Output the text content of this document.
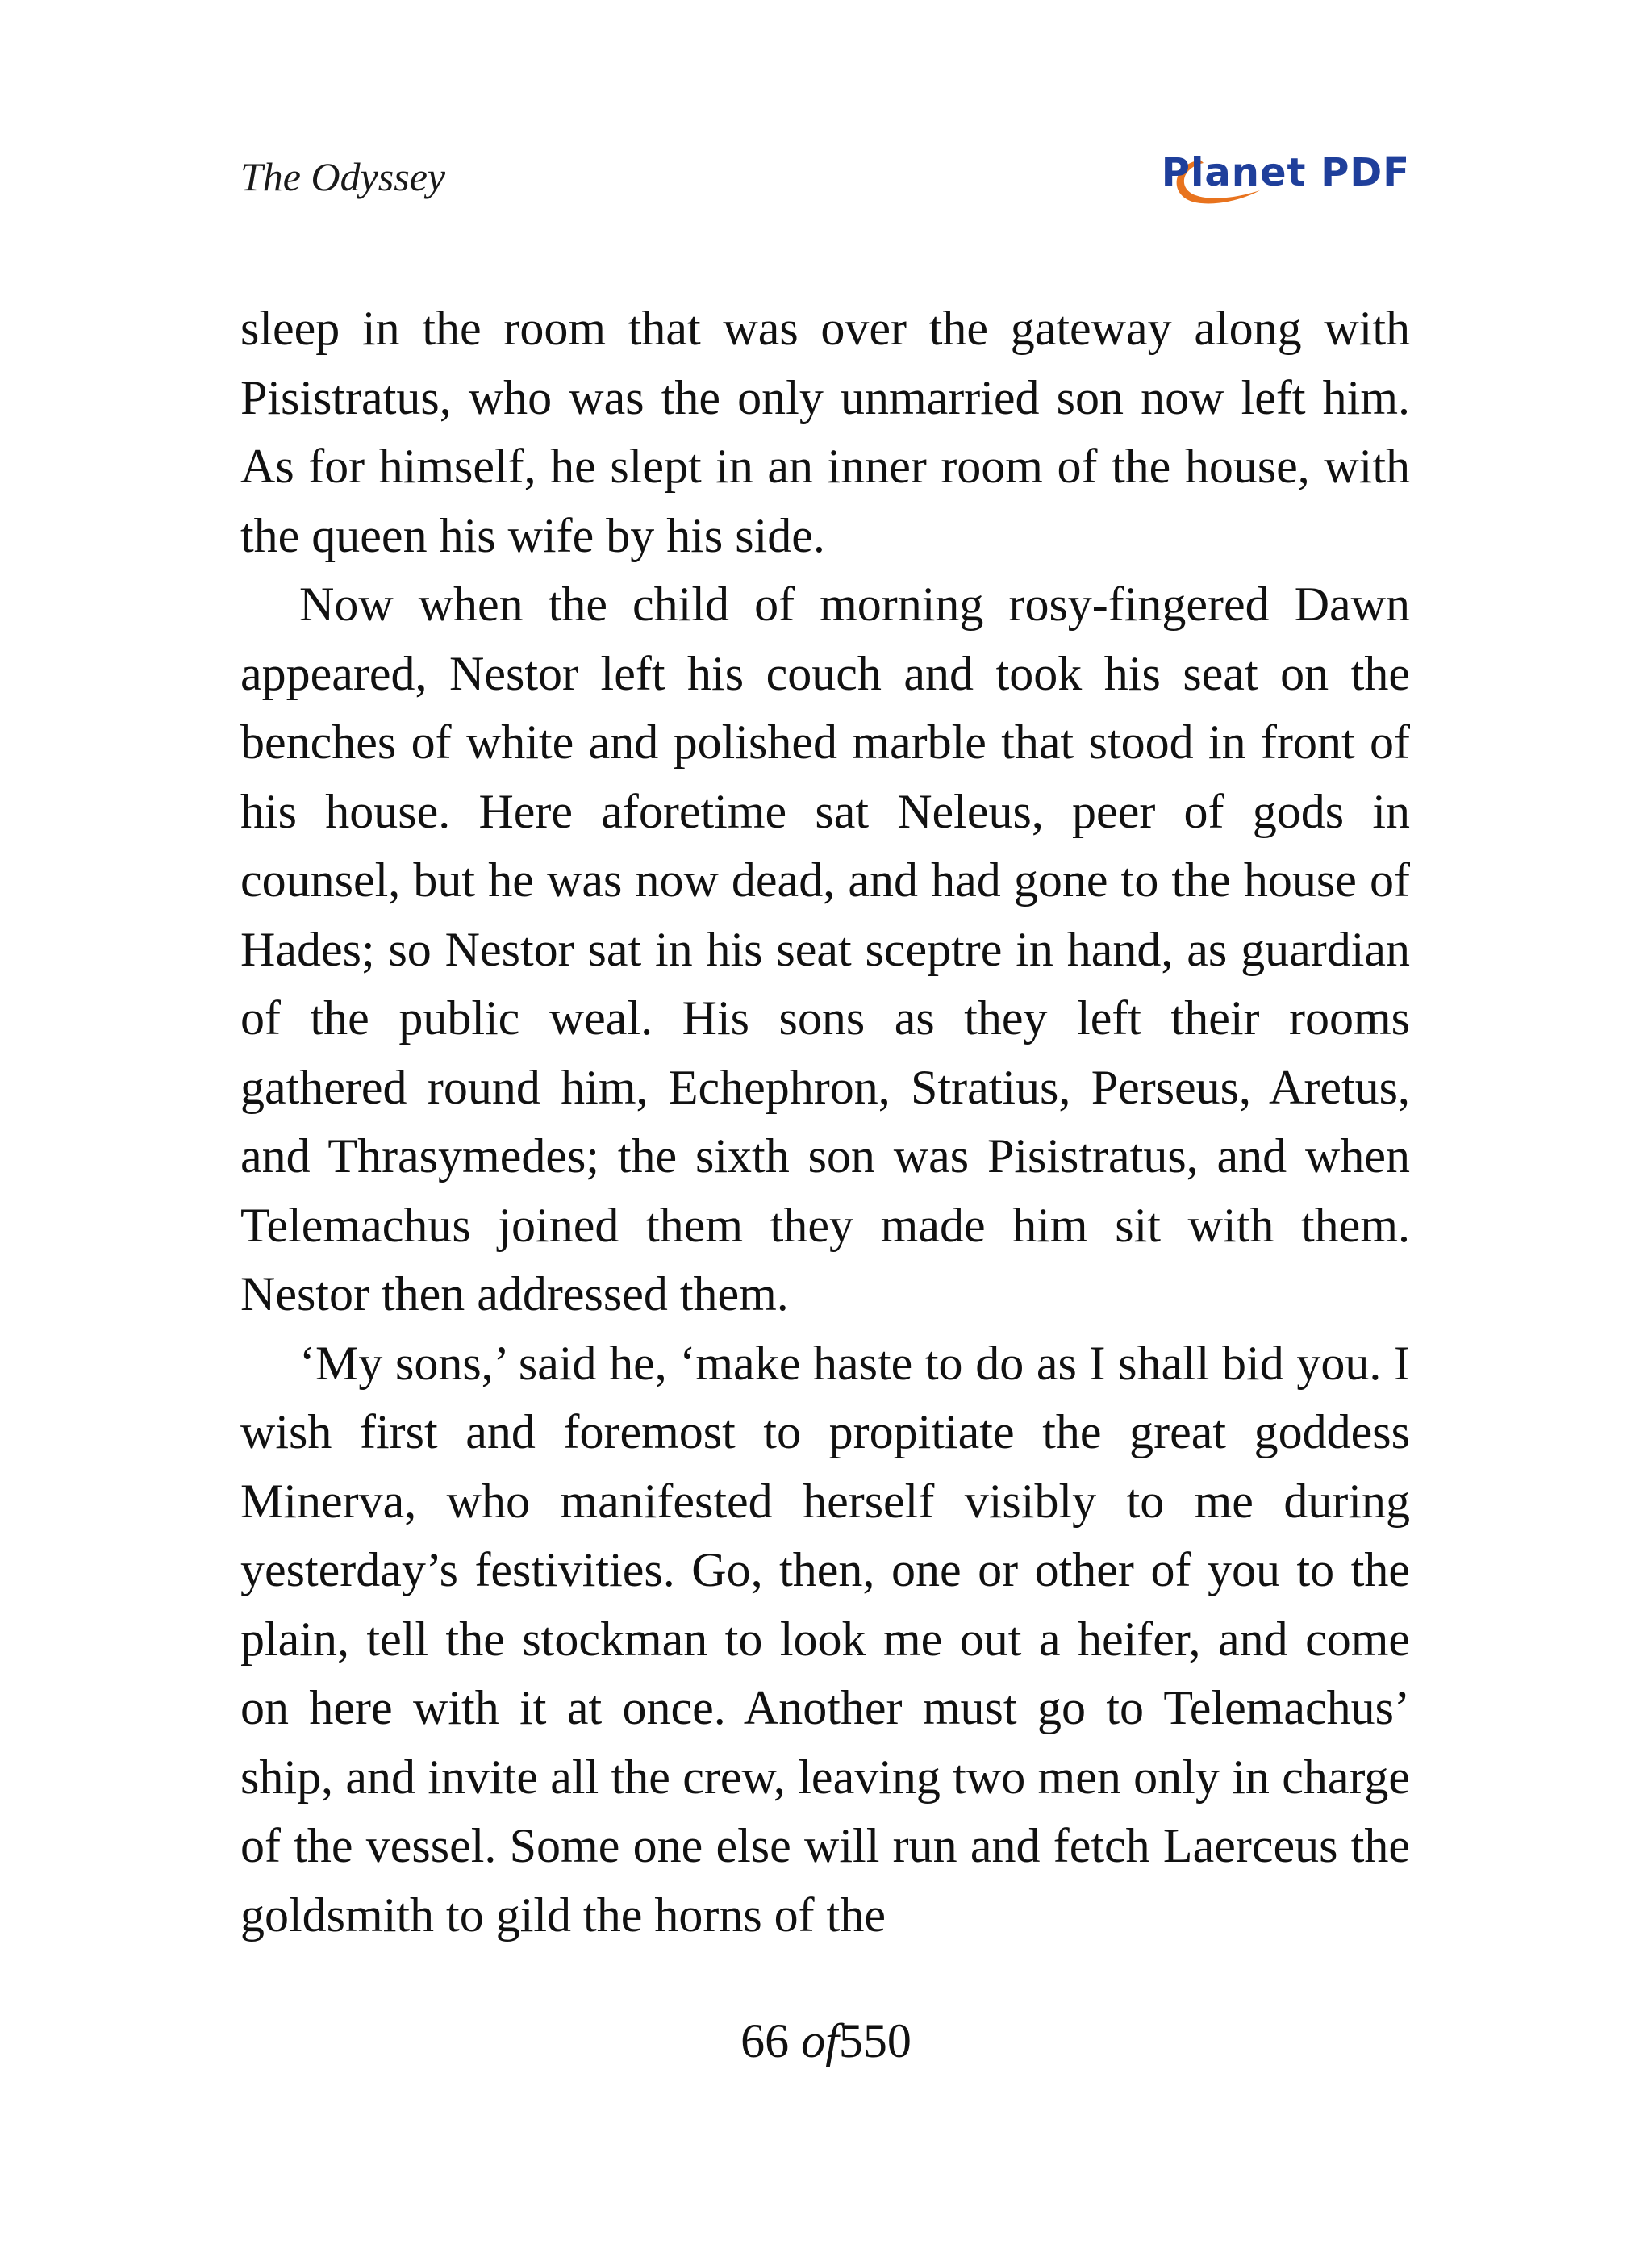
The Odyssey	Planet PDF

sleep in the room that was over the gateway along with Pisistratus, who was the only unmarried son now left him. As for himself, he slept in an inner room of the house, with the queen his wife by his side.

Now when the child of morning rosy-fingered Dawn appeared, Nestor left his couch and took his seat on the benches of white and polished marble that stood in front of his house. Here aforetime sat Neleus, peer of gods in counsel, but he was now dead, and had gone to the house of Hades; so Nestor sat in his seat sceptre in hand, as guardian of the public weal. His sons as they left their rooms gathered round him, Echephron, Stratius, Perseus, Aretus, and Thrasymedes; the sixth son was Pisistratus, and when Telemachus joined them they made him sit with them. Nestor then addressed them.

‘My sons,’ said he, ‘make haste to do as I shall bid you. I wish first and foremost to propitiate the great goddess Minerva, who manifested herself visibly to me during yesterday’s festivities. Go, then, one or other of you to the plain, tell the stockman to look me out a heifer, and come on here with it at once. Another must go to Telemachus’ ship, and invite all the crew, leaving two men only in charge of the vessel. Some one else will run and fetch Laerceus the goldsmith to gild the horns of the

66 of550
